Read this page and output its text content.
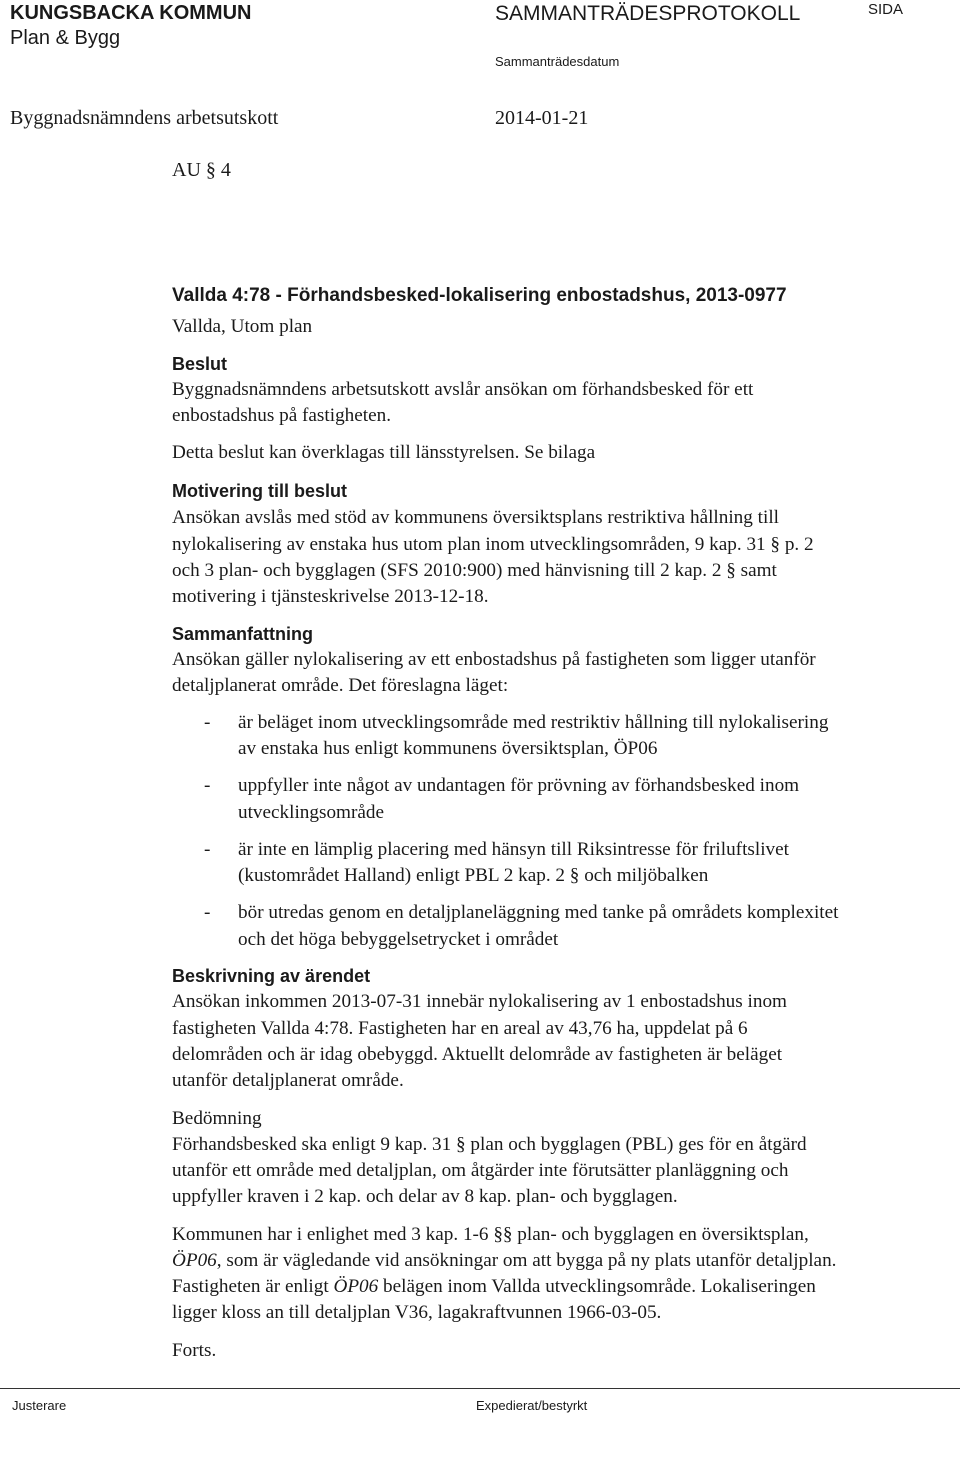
KUNGSBACKA KOMMUN
Plan & Bygg
SAMMANTRÄDESPROTOKOLL	SIDA
Sammanträdesdatum
Byggnadsnämndens arbetsutskott	2014-01-21
AU § 4
Vallda 4:78 - Förhandsbesked-lokalisering enbostadshus, 2013-0977
Vallda, Utom plan
Beslut
Byggnadsnämndens arbetsutskott avslår ansökan om förhandsbesked för ett
enbostadshus på fastigheten.
Detta beslut kan överklagas till länsstyrelsen. Se bilaga
Motivering till beslut
Ansökan avslås med stöd av kommunens översiktsplans restriktiva hållning till
nylokalisering av enstaka hus utom plan inom utvecklingsområden, 9 kap. 31 § p. 2
och 3 plan- och bygglagen (SFS 2010:900) med hänvisning till 2 kap. 2 § samt
motivering i tjänsteskrivelse 2013-12-18.
Sammanfattning
Ansökan gäller nylokalisering av ett enbostadshus på fastigheten som ligger utanför
detaljplanerat område. Det föreslagna läget:
- är beläget inom utvecklingsområde med restriktiv hållning till nylokalisering
av enstaka hus enligt kommunens översiktsplan, ÖP06
- uppfyller inte något av undantagen för prövning av förhandsbesked inom
utvecklingsområde
- är inte en lämplig placering med hänsyn till Riksintresse för friluftslivet
(kustområdet Halland) enligt PBL 2 kap. 2 § och miljöbalken
- bör utredas genom en detaljplaneläggning med tanke på områdets komplexitet
och det höga bebyggelsetrycket i området
Beskrivning av ärendet
Ansökan inkommen 2013-07-31 innebär nylokalisering av 1 enbostadshus inom
fastigheten Vallda 4:78. Fastigheten har en areal av 43,76 ha, uppdelat på 6
delområden och är idag obebyggd. Aktuellt delområde av fastigheten är beläget
utanför detaljplanerat område.
Bedömning
Förhandsbesked ska enligt 9 kap. 31 § plan och bygglagen (PBL) ges för en åtgärd
utanför ett område med detaljplan, om åtgärder inte förutsätter planläggning och
uppfyller kraven i 2 kap. och delar av 8 kap. plan- och bygglagen.
Kommunen har i enlighet med 3 kap. 1-6 §§ plan- och bygglagen en översiktsplan,
ÖP06, som är vägledande vid ansökningar om att bygga på ny plats utanför detaljplan.
Fastigheten är enligt ÖP06 belägen inom Vallda utvecklingsområde. Lokaliseringen
ligger kloss an till detaljplan V36, lagakraftvunnen 1966-03-05.
Forts.
Justerare	Expedierat/bestyrkt
